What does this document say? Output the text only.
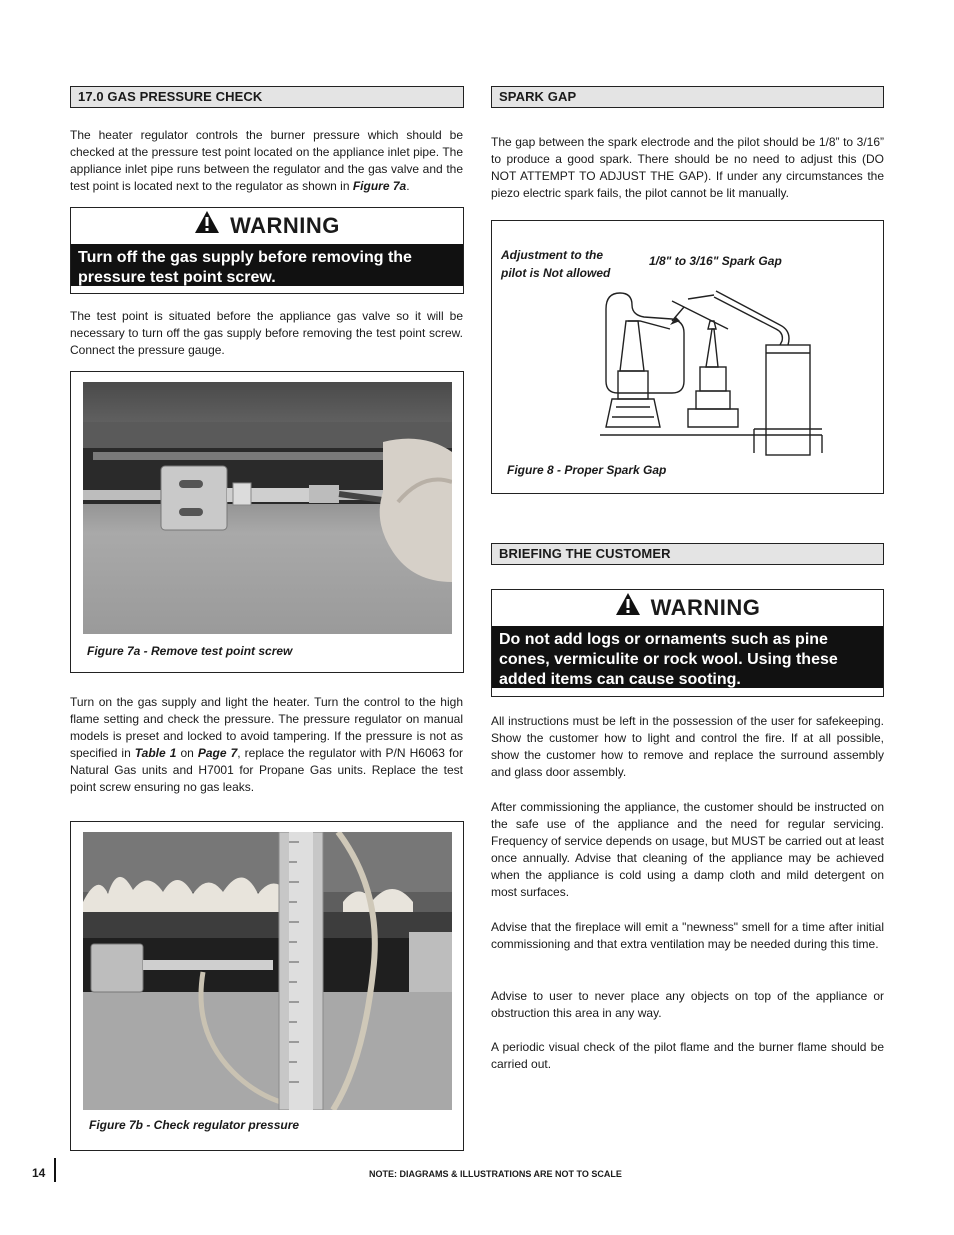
17.0 GAS PRESSURE CHECK
The heater regulator controls the burner pressure which should be checked at the pressure test point located on the appliance inlet pipe. The appliance inlet pipe runs between the regulator and the gas valve and the test point is located next to the regulator as shown in Figure 7a.
WARNING
Turn off the gas supply before removing the pressure test point screw.
The test point is situated before the appliance gas valve so it will be necessary to turn off the gas supply before removing the test point screw. Connect the pressure gauge.
Figure 7a - Remove test point screw
Turn on the gas supply and light the heater. Turn the control to the high flame setting and check the pressure. The pressure regulator on manual models is preset and locked to avoid tampering. If the pressure is not as specified in Table 1 on Page 7, replace the regulator with P/N H6063 for Natural Gas units and H7001 for Propane Gas units. Replace the test point screw ensuring no gas leaks.
Figure 7b - Check regulator pressure
SPARK GAP
The gap between the spark electrode and the pilot should be 1/8” to 3/16” to produce a good spark. There should be no need to adjust this (DO NOT ATTEMPT TO ADJUST THE GAP). If under any circumstances the piezo electric spark fails, the pilot cannot be lit manually.
Adjustment to the
pilot is Not allowed
1/8" to 3/16" Spark Gap
Figure 8 - Proper Spark Gap
BRIEFING THE CUSTOMER
WARNING
Do not add logs or ornaments such as pine cones, vermiculite or rock wool. Using these added items can cause sooting.
All instructions must be left in the possession of the user for safekeeping. Show the customer how to light and control the fire. If at all possible, show the customer how to remove and replace the surround assembly and glass door assembly.
After commissioning the appliance, the customer should be instructed on the safe use of the appliance and the need for regular servicing. Frequency of service depends on usage, but MUST be carried out at least once annually. Advise that cleaning of the appliance may be achieved when the appliance is cold using a damp cloth and mild detergent on most surfaces.
Advise that the fireplace will emit a "newness" smell for a time after initial commissioning and that extra ventilation may be needed during this time.
Advise to user to never place any objects on top of the appliance or obstruction this area in any way.
A periodic visual check of the pilot flame and the burner flame should be carried out.
14	NOTE: DIAGRAMS & ILLUSTRATIONS ARE NOT TO SCALE
